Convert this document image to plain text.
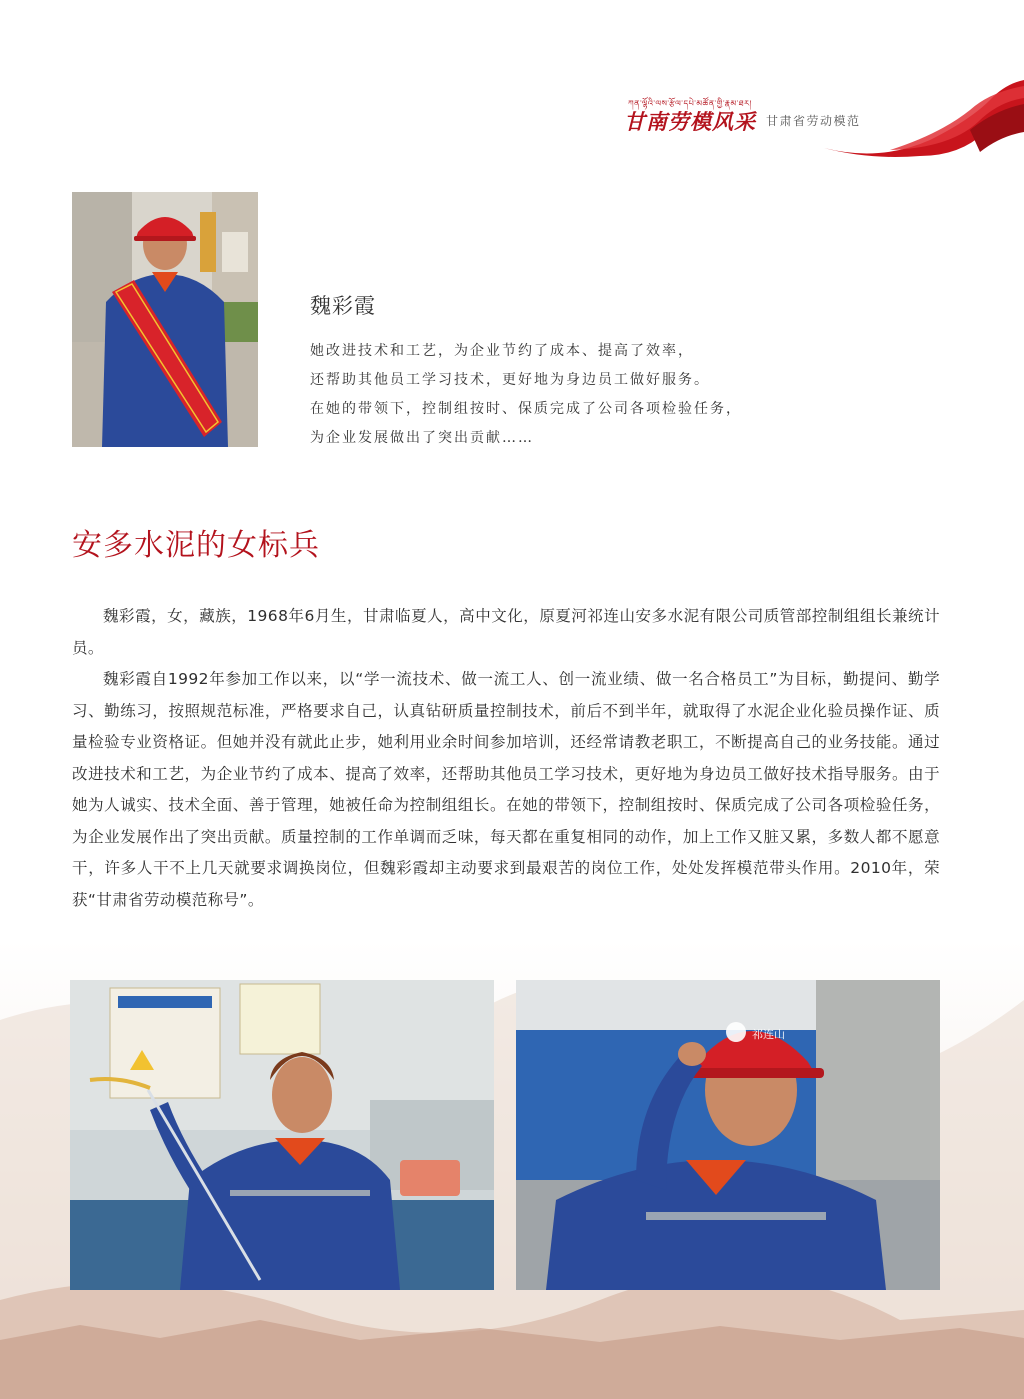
ཀན་ལྷོའི་ལས་རྩོལ་དཔེ་མཚོན་གྱི་རྣམ་ཐར།
甘南劳模风采 甘肃省劳动模范
魏彩霞
她改进技术和工艺，为企业节约了成本、提高了效率，
还帮助其他员工学习技术，更好地为身边员工做好服务。
在她的带领下，控制组按时、保质完成了公司各项检验任务，
为企业发展做出了突出贡献……
安多水泥的女标兵

魏彩霞，女，藏族，1968年6月生，甘肃临夏人，高中文化，原夏河祁连山安多水泥有限公司质管部控制组组长兼统计员。

魏彩霞自1992年参加工作以来，以“学一流技术、做一流工人、创一流业绩、做一名合格员工”为目标，勤提问、勤学习、勤练习，按照规范标准，严格要求自己，认真钻研质量控制技术，前后不到半年，就取得了水泥企业化验员操作证、质量检验专业资格证。但她并没有就此止步，她利用业余时间参加培训，还经常请教老职工，不断提高自己的业务技能。通过改进技术和工艺，为企业节约了成本、提高了效率，还帮助其他员工学习技术，更好地为身边员工做好技术指导服务。由于她为人诚实、技术全面、善于管理，她被任命为控制组组长。在她的带领下，控制组按时、保质完成了公司各项检验任务，为企业发展作出了突出贡献。质量控制的工作单调而乏味，每天都在重复相同的动作，加上工作又脏又累，多数人都不愿意干，许多人干不上几天就要求调换岗位，但魏彩霞却主动要求到最艰苦的岗位工作，处处发挥模范带头作用。2010年，荣获“甘肃省劳动模范称号”。

祁连山
